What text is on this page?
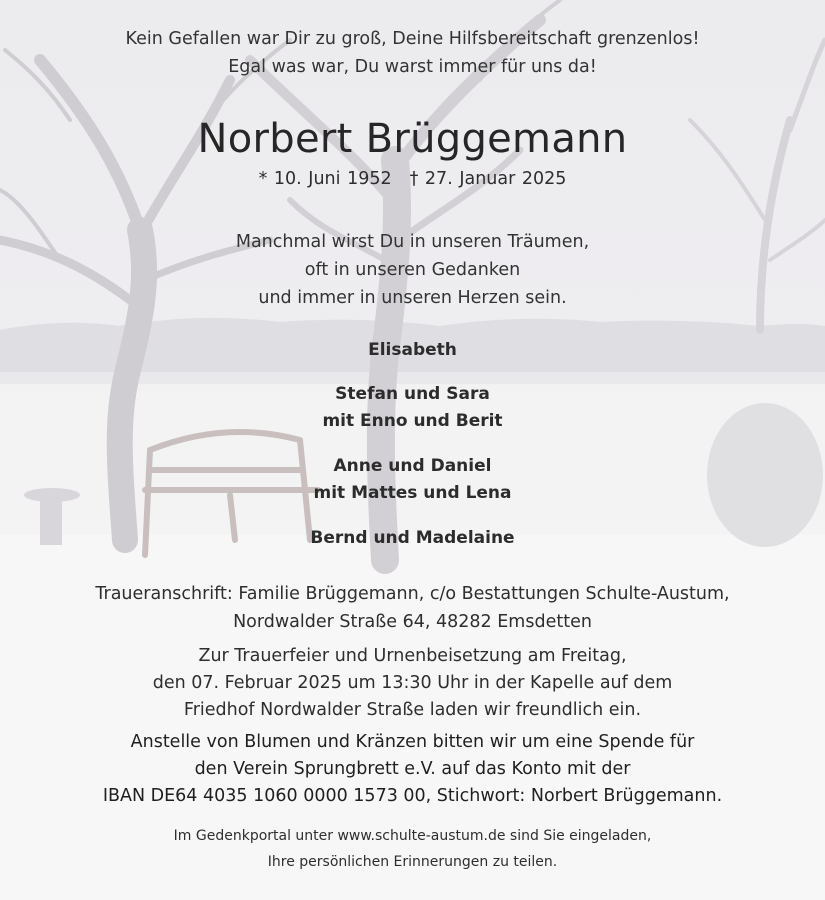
Kein Gefallen war Dir zu groß, Deine Hilfsbereitschaft grenzenlos!
Egal was war, Du warst immer für uns da!

Norbert Brüggemann

* 10. Juni 1952 † 27. Januar 2025

Manchmal wirst Du in unseren Träumen,
oft in unseren Gedanken
und immer in unseren Herzen sein.

Elisabeth

Stefan und Sara
mit Enno und Berit

Anne und Daniel
mit Mattes und Lena

Bernd und Madelaine

Traueranschrift: Familie Brüggemann, c/o Bestattungen Schulte-Austum,
Nordwalder Straße 64, 48282 Emsdetten

Zur Trauerfeier und Urnenbeisetzung am Freitag,
den 07. Februar 2025 um 13:30 Uhr in der Kapelle auf dem
Friedhof Nordwalder Straße laden wir freundlich ein.

Anstelle von Blumen und Kränzen bitten wir um eine Spende für
den Verein Sprungbrett e.V. auf das Konto mit der
IBAN DE64 4035 1060 0000 1573 00, Stichwort: Norbert Brüggemann.

Im Gedenkportal unter www.schulte-austum.de sind Sie eingeladen,
Ihre persönlichen Erinnerungen zu teilen.
